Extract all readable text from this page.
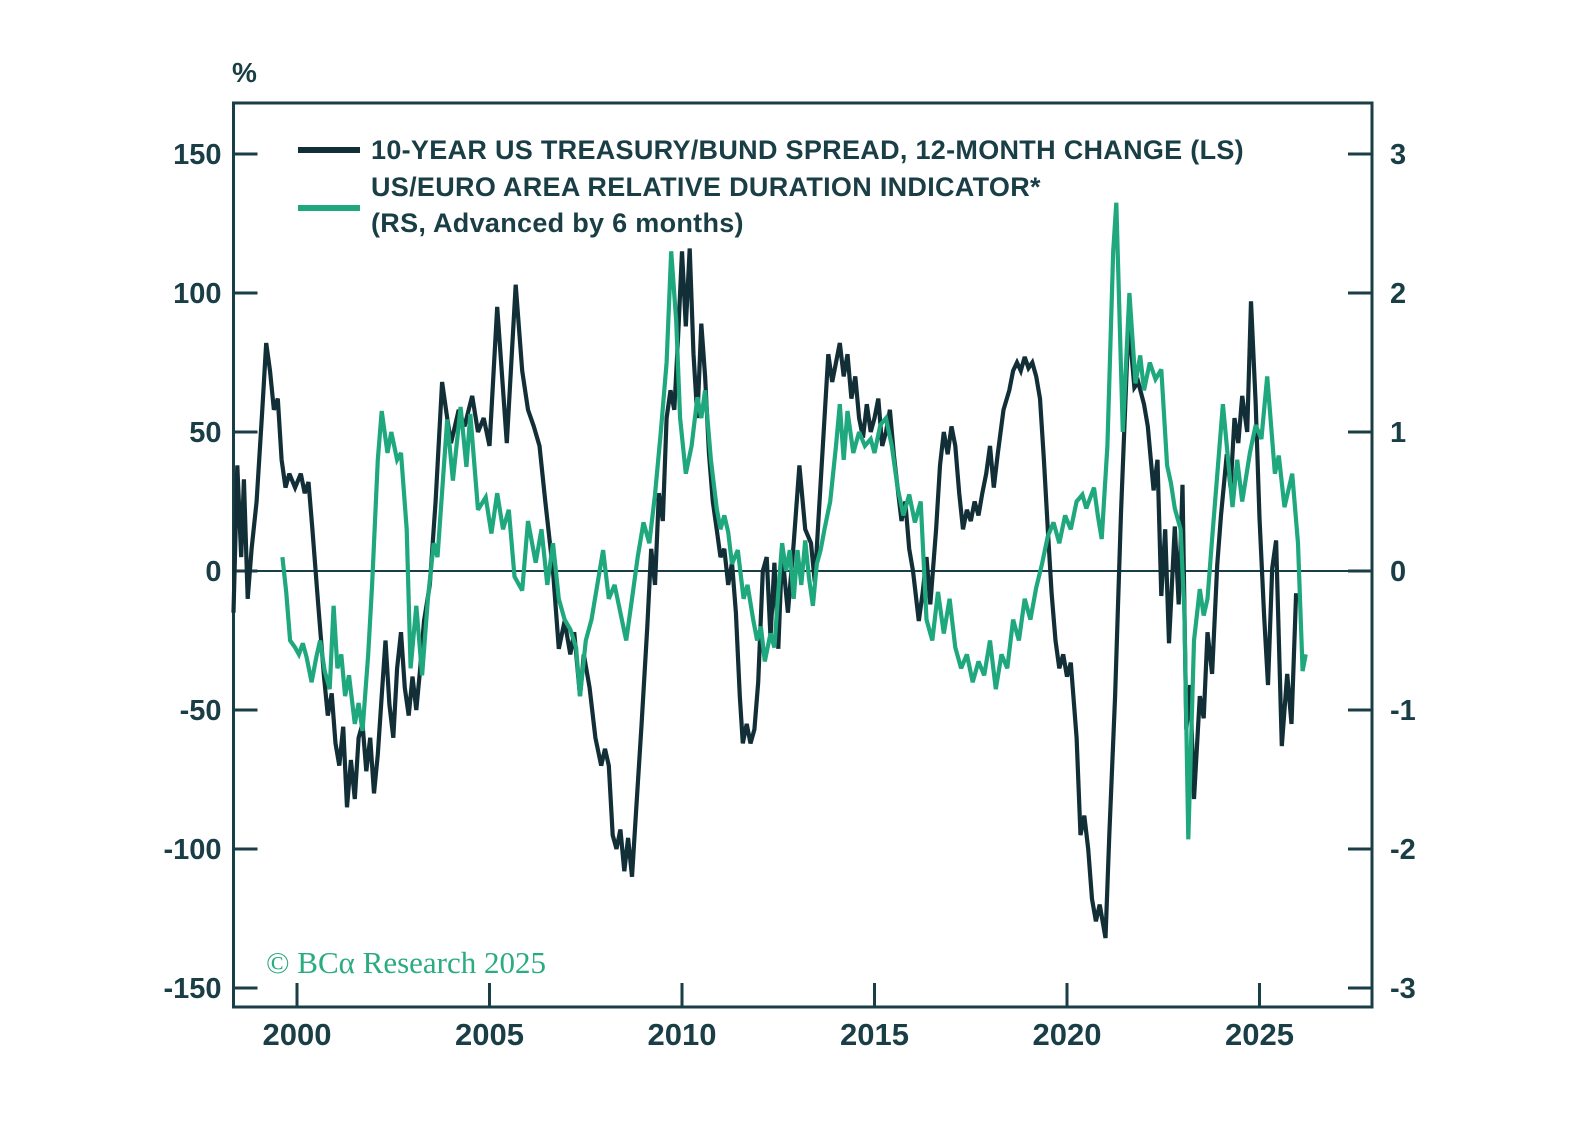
150
100
50
0
-50
-100
-150
3
2
1
0
-1
-2
-3
2000	2005	2010	2015	2020	2025
%
10-YEAR US TREASURY/BUND SPREAD, 12-MONTH CHANGE (LS)
US/EURO AREA RELATIVE DURATION INDICATOR*
(RS, Advanced by 6 months)
© BCα Research 2025
